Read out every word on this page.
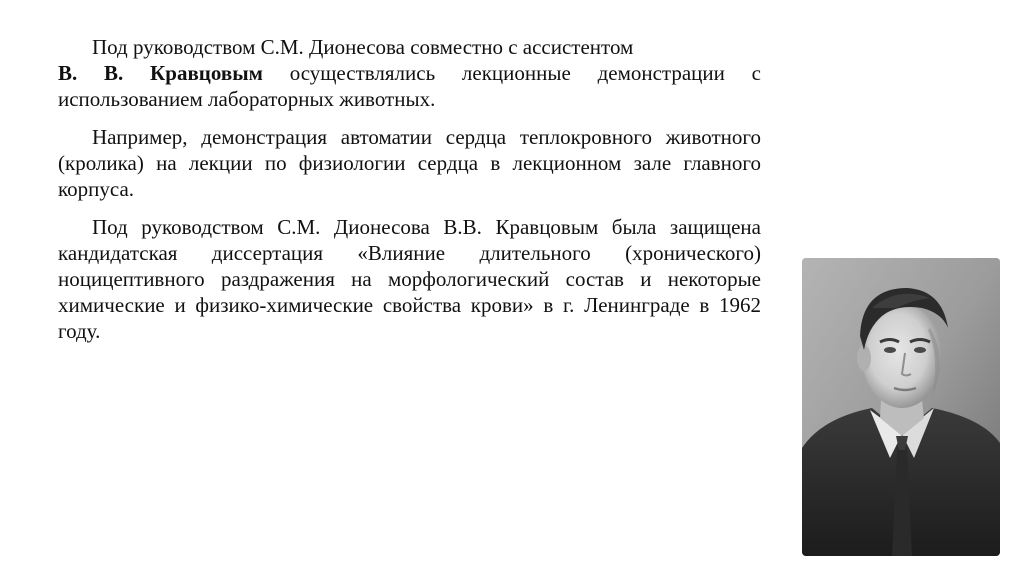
Под руководством С.М. Дионесова совместно с ассистентом
В. В. Кравцовым осуществлялись лекционные демонстрации с использованием лабораторных животных.

Например, демонстрация автоматии сердца теплокровного животного (кролика) на лекции по физиологии сердца в лекционном зале главного корпуса.

Под руководством С.М. Дионесова В.В. Кравцовым была защищена кандидатская диссертация «Влияние длительного (хронического) ноцицептивного раздражения на морфологический состав и некоторые химические и физико-химические свойства крови» в г. Ленинграде в 1962 году.
